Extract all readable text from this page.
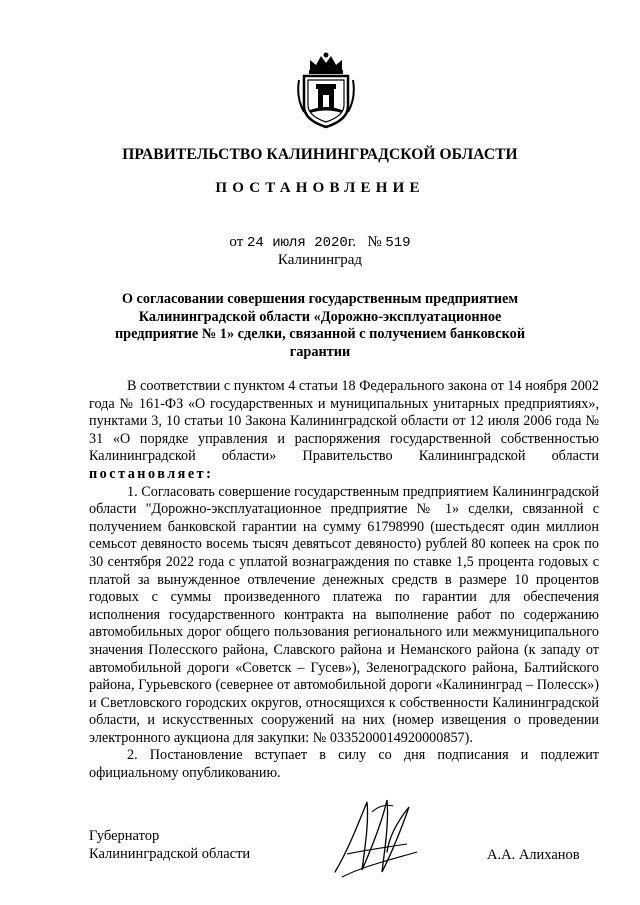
ПРАВИТЕЛЬСТВО КАЛИНИНГРАДСКОЙ ОБЛАСТИ
ПОСТАНОВЛЕНИЕ
от 24 июля 2020г. № 519
Калининград
О согласовании совершения государственным предприятием Калининградской области «Дорожно-эксплуатационное предприятие № 1» сделки, связанной с получением банковской гарантии

В соответствии с пунктом 4 статьи 18 Федерального закона от 14 ноября 2002 года № 161-ФЗ «О государственных и муниципальных унитарных предприятиях», пунктами 3, 10 статьи 10 Закона Калининградской области от 12 июля 2006 года № 31 «О порядке управления и распоряжения государственной собственностью Калининградской области» Правительство Калининградской области постановляет:

1. Согласовать совершение государственным предприятием Калининградской области "Дорожно-эксплуатационное предприятие № 1» сделки, связанной с получением банковской гарантии на сумму 61798990 (шестьдесят один миллион семьсот девяносто восемь тысяч девятьсот девяносто) рублей 80 копеек на срок по 30 сентября 2022 года с уплатой вознаграждения по ставке 1,5 процента годовых с платой за вынужденное отвлечение денежных средств в размере 10 процентов годовых с суммы произведенного платежа по гарантии для обеспечения исполнения государственного контракта на выполнение работ по содержанию автомобильных дорог общего пользования регионального или межмуниципального значения Полесского района, Славского района и Неманского района (к западу от автомобильной дороги «Советск – Гусев»), Зеленоградского района, Балтийского района, Гурьевского (севернее от автомобильной дороги «Калининград – Полесск») и Светловского городских округов, относящихся к собственности Калининградской области, и искусственных сооружений на них (номер извещения о проведении электронного аукциона для закупки: № 0335200014920000857).

2. Постановление вступает в силу со дня подписания и подлежит официальному опубликованию.

Губернатор
Калининградской области	А.А. Алиханов
